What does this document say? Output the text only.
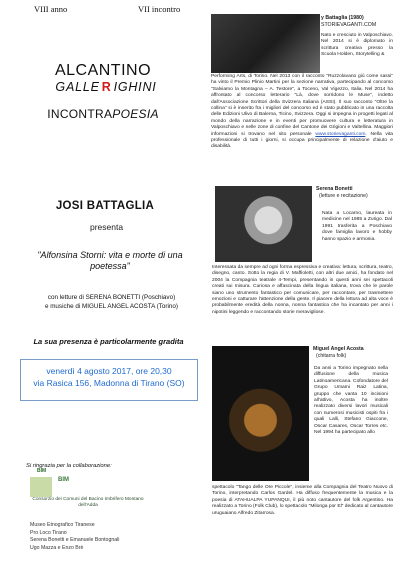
VIII anno	VII incontro
ALCANTINO
GALLE R IGHINI
INCONTRAPOESIA
JOSI BATTAGLIA
presenta
"Alfonsina Storni: vita e morte di una poetessa"
con letture di SERENA BONETTI (Poschiavo)
e musiche di MIGUEL ANGEL ACOSTA (Torino)
La sua presenza è particolarmente gradita
venerdì 4 agosto 2017, ore 20,30
via Rasica 156, Madonna di Tirano (SO)
Si ringrazia per la collaborazione:
BIM
BIM
Consorzio dei Comuni del Bacino Imbrifero Montano dell'Adda
Museo Etnografico Tiranese
Pro Loco Tirano
Serena Bonetti e Emanuele Bontognali
Ugo Mazza e Enzo Brè
y Battaglia (1980)
STORIEVAGANTI.COM
Nato e cresciuto in Valposchiavo. Nel 2014 si è diplomato in scrittura creativa presso la Scuola Holden, Storytelling &
Performing Arts, di Torino. Nel 2013 con il racconto "Ruzzolavano giù come sassi" ha vinto il Premio Plinio Martini per la sezione narrativa, partecipando al concorso "Salviamo la Montagna – A. Testore", a Toceno, Val Vigezzo, Italia. Nel 2014 ha affrontato al concorso letterario "Là, dove sorridono le Muse", indetto dall'Associazione Scrittori della Svizzera Italiana (ASSI). Il suo racconto "Oltre la collina" si è inserito fra i migliori del concorso ed è stato pubblicato in una raccolta delle Edizioni Ulivo di Balerna, Ticino, Svizzera. Oggi si impegna in progetti legati al mondo della narrazione e in eventi per promuovere cultura e letteratura in Valposchiavo e nelle zone di confine del Cantone dei Grigioni e Valtellina. Maggiori informazioni si trovano nel sito personale www.storievaganti.com. Nella vita professionale di tutti i giorni, si occupa principalmente di relazione d'aiuto e disabilità.
Serena Bonetti
(letture e recitazione)
Nata a Locarno, laureata in medicine nel 1985 a Zurigo. Dal 1991 trasferita a Poschiavo dove famiglia lavoro e hobby hanno spazio e armonia.
Interessata da sempre ad ogni forma espressiva e creativa: lettura, scrittura, teatro, disegno, canto. Sotto la regia di V. Maffioletti, con altri due amici, ha fondato nel 2004 la Compagnia teatrale 4-Tempi, presentando in questi anni sei spettacoli creati sui misura. Curiosa e affascinata della lingua italiana, trova che le parole siano uno strumento fantastico per comunicare, per raccontare, per trasmettere emozioni e catturare l'attenzione della gente. Il piacere della lettura ad alta voce è probabilmente eredità della nonna, nonna fantastica che ha incantato per anni i nipotini leggendo e raccontando storie meravigliose.
Miguel Angel Acosta
(chitarra folk)
Da anni a Torino impegnato nella diffusione della musica Latinoamericana. Cofondatore del Grupo Umami Raiz Latina, gruppo che vanta 10 incisioni all'attivo, Acosta ha inoltre realizzato diversi lavori musicali con numerosi musicisti ospiti fra i quali Lalli, Stefano Giaccone, Oscar Casares, Oscar Torres etc. Nel 1994 ha partecipato allo
spettacolo "Tango delle Ore Piccole", insieme alla Compagnia del Teatro Nuovo di Torino, interpretando Carlos Gardel. Ha diffuso frequentemente la musica e la poesia di ATAHUALPA YUPANQUI, il più noto cantautore del folk Argentino. Ha realizzato a Torino (Folk Club), lo spettacolo "Milonga por El" dedicato al cantautore uruguaiano Alfredo Zitarrosa.
